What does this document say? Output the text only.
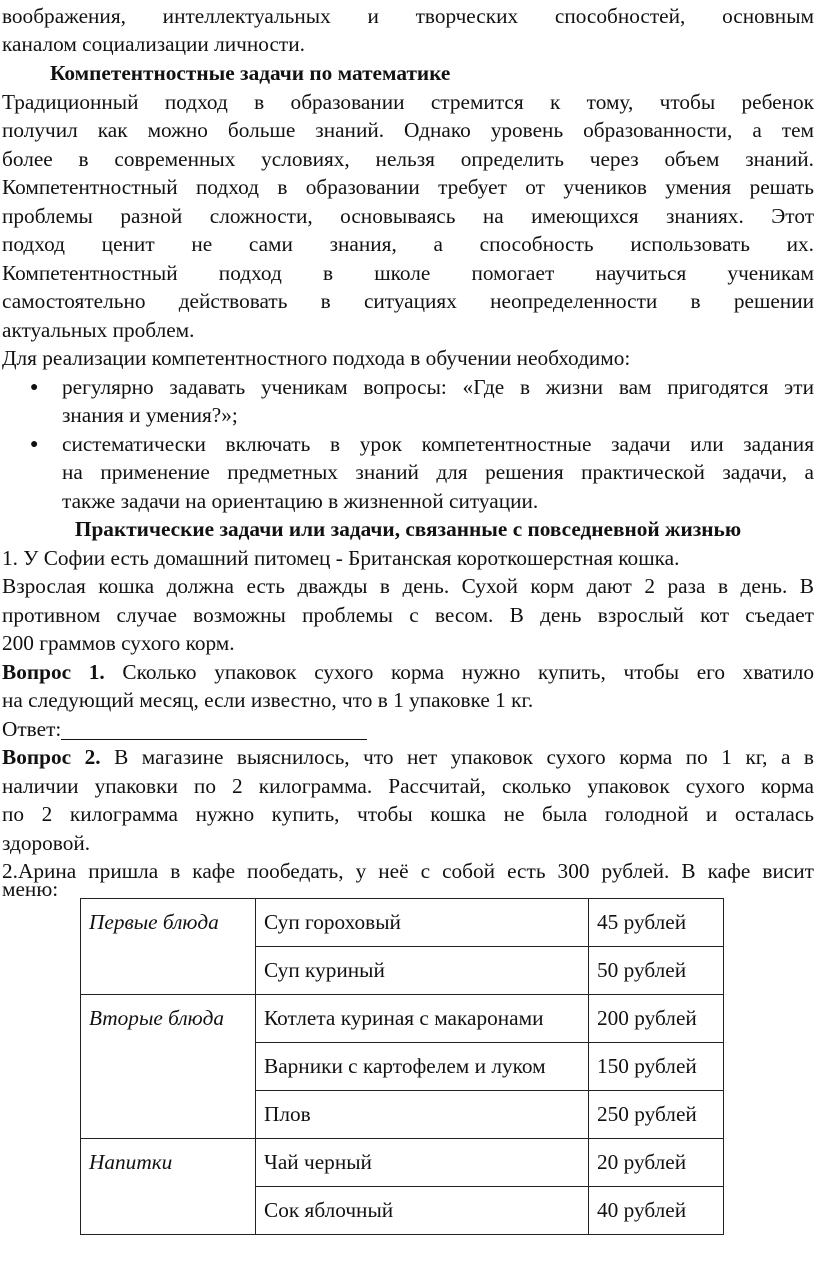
воображения, интеллектуальных и творческих способностей, основным

каналом социализации личности.

Компетентностные задачи по математике

Традиционный подход в образовании стремится к тому, чтобы ребенок

получил как можно больше знаний. Однако уровень образованности, а тем

более в современных условиях, нельзя определить через объем знаний.

Компетентностный подход в образовании требует от учеников умения решать

проблемы разной сложности, основываясь на имеющихся знаниях. Этот

подход ценит не сами знания, а способность использовать их.

Компетентностный подход в школе помогает научиться ученикам

самостоятельно действовать в ситуациях неопределенности в решении

актуальных проблем.

Для реализации компетентностного подхода в обучении необходимо:

● регулярно задавать ученикам вопросы: «Где в жизни вам пригодятся эти

знания и умения?»;

● систематически включать в урок компетентностные задачи или задания

на применение предметных знаний для решения практической задачи, а

также задачи на ориентацию в жизненной ситуации.

Практические задачи или задачи, связанные с повседневной жизнью

1. У Софии есть домашний питомец - Британская короткошерстная кошка.

Взрослая кошка должна есть дважды в день. Сухой корм дают 2 раза в день. В

противном случае возможны проблемы с весом. В день взрослый кот съедает

200 граммов сухого корм.

Вопрос 1. Сколько упаковок сухого корма нужно купить, чтобы его хватило

на следующий месяц, если известно, что в 1 упаковке 1 кг.

Ответ:

Вопрос 2. В магазине выяснилось, что нет упаковок сухого корма по 1 кг, а в

наличии упаковки по 2 килограмма. Рассчитай, сколько упаковок сухого корма

по 2 килограмма нужно купить, чтобы кошка не была голодной и осталась

здоровой.

2.Арина пришла в кафе пообедать, у неё с собой есть 300 рублей. В кафе висит

меню:

Первые блюда	Суп гороховый	45 рублей
	Суп куриный	50 рублей
Вторые блюда	Котлета куриная с макаронами	200 рублей
	Варники с картофелем и луком	150 рублей
	Плов	250 рублей
Напитки	Чай черный	20 рублей
	Сок яблочный	40 рублей
